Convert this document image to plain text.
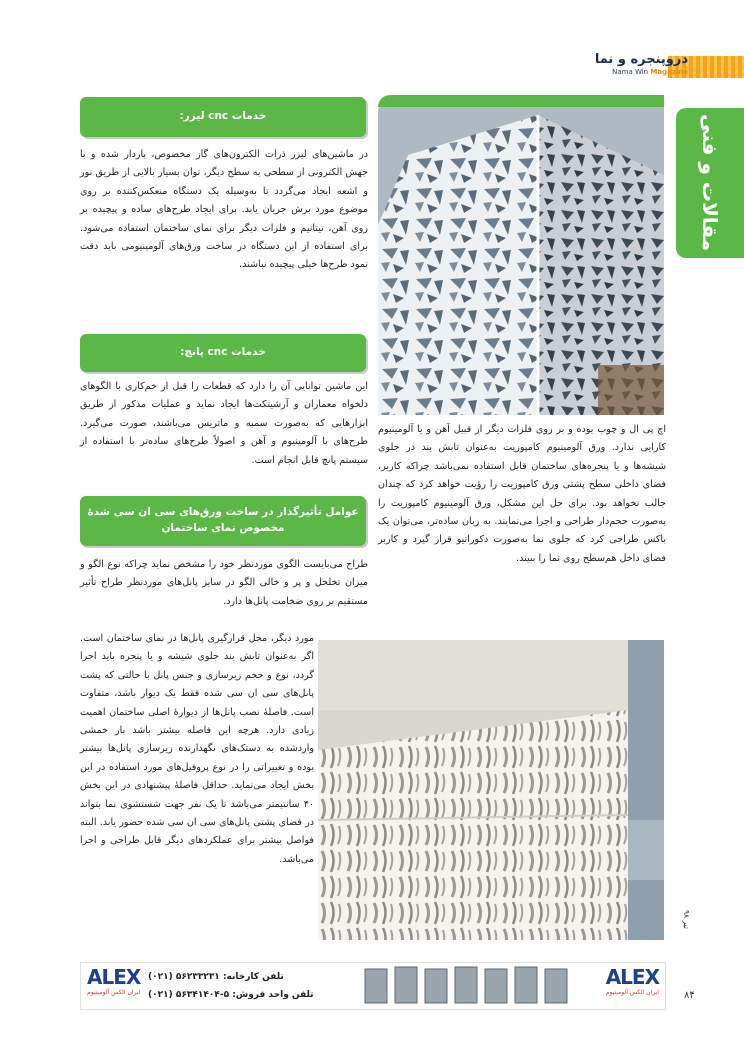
ﺩﺭﻭﭘﻨﺠﺮﻩ ﻭ ﻧﻤﺎ
Nama Win Magazine
مقالات و فنی
خدمات cnc لیزر:
در ماشین‌های لیزر ذرات الکترون‌های گاز مخصوص، باردار شده و با جهش الکترونی از سطحی به سطح دیگر، توان بسیار بالایی از طریق نور و اشعه ایجاد می‌گردد تا به‌وسیله یک دستگاه منعکس‌کننده بر روی موضوع مورد برش جریان یابد. برای ایجاد طرح‌های ساده و پیچیده بر روی آهن، تیتانیم و فلزات دیگر برای نمای ساختمان استفاده می‌شود. برای استفاده از این دستگاه در ساخت ورق‌های آلومینیومی باید دقت نمود طرح‌ها خیلی پیچیده نباشند.
خدمات cnc پانچ:
این ماشین توانایی آن را دارد که قطعات را قبل از خم‌کاری با الگوهای دلخواه معماران و آرشیتکت‌ها ایجاد نماید و عملیات مذکور از طریق ابزارهایی که به‌صورت سمبه و ماتریس می‌باشند، صورت می‌گیرد. طرح‌های با آلومینیوم و آهن و اصولاً طرح‌های ساده‌تر با استفاده از سیستم پانچ قابل انجام است.
عوامل تأثیرگذار در ساخت ورق‌های سی ان سی شدهٔ مخصوص نمای ساختمان
طراح می‌بایست الگوی موردنظر خود را مشخص نماید چراکه نوع الگو و میزان تخلخل و پر و خالی الگو در سایز پانل‌های موردنظر طراح تأثیر مستقیم بر روی ضخامت پانل‌ها دارد.
مورد دیگر، محل قرارگیری پانل‌ها در نمای ساختمان است. اگر به‌عنوان تابش بند جلوی شیشه و یا پنجره باید اجرا گردد، نوع و حجم زیرسازی و جنس پانل با حالتی که پشت پانل‌های سی ان سی شده فقط یک دیوار باشد، متفاوت است. فاصلهٔ نصب پانل‌ها از دیوارهٔ اصلی ساختمان اهمیت زیادی دارد. هرچه این فاصله بیشتر باشد بار خمشی واردشده به دستک‌های نگهدارنده زیرسازی پانل‌ها بیشتر بوده و تغییراتی را در نوع پروفیل‌های مورد استفاده در این بخش ایجاد می‌نماید. حداقل فاصلهٔ پیشنهادی در این بخش ۴۰ سانتیمتر می‌باشد تا یک نفر جهت شستشوی نما بتواند در فضای پشتی پانل‌های سی ان سی شده حضور یابد. البته فواصل بیشتر برای عملکردهای دیگر قابل طراحی و اجرا می‌باشد.
اچ پی ال و چوب بوده و بر روی فلزات دیگر از قبیل آهن و یا آلومینیوم کارایی ندارد. ورق آلومینیوم کامپوزیت به‌عنوان تابش بند در جلوی شیشه‌ها و یا پنجره‌های ساختمان قابل استفاده نمی‌باشد چراکه کاربر، فضای داخلی سطح پشتی ورق کامپوزیت را رؤیت خواهد کرد که چندان جالب نخواهد بود. برای حل این مشکل، ورق آلومینیوم کامپوزیت را به‌صورت حجم‌دار طراحی و اجرا می‌نمایند. به زبان ساده‌تر، می‌توان یک باکس طراحی کرد که جلوی نما به‌صورت دکوراتیو قرار گیرد و کاربر فضای داخل هم‌سطح روی نما را ببیند.
ALEX
ایران الکس آلومینیوم
ALEX
ایران الکس آلومینیوم
تلفن کارخانه: ۵۶۲۳۳۲۳۱ (۰۲۱)
تلفن واحد فروش: ۵-۵۶۳۴۱۴۰۴ (۰۲۱)	۸۴
تیر ۹۸
